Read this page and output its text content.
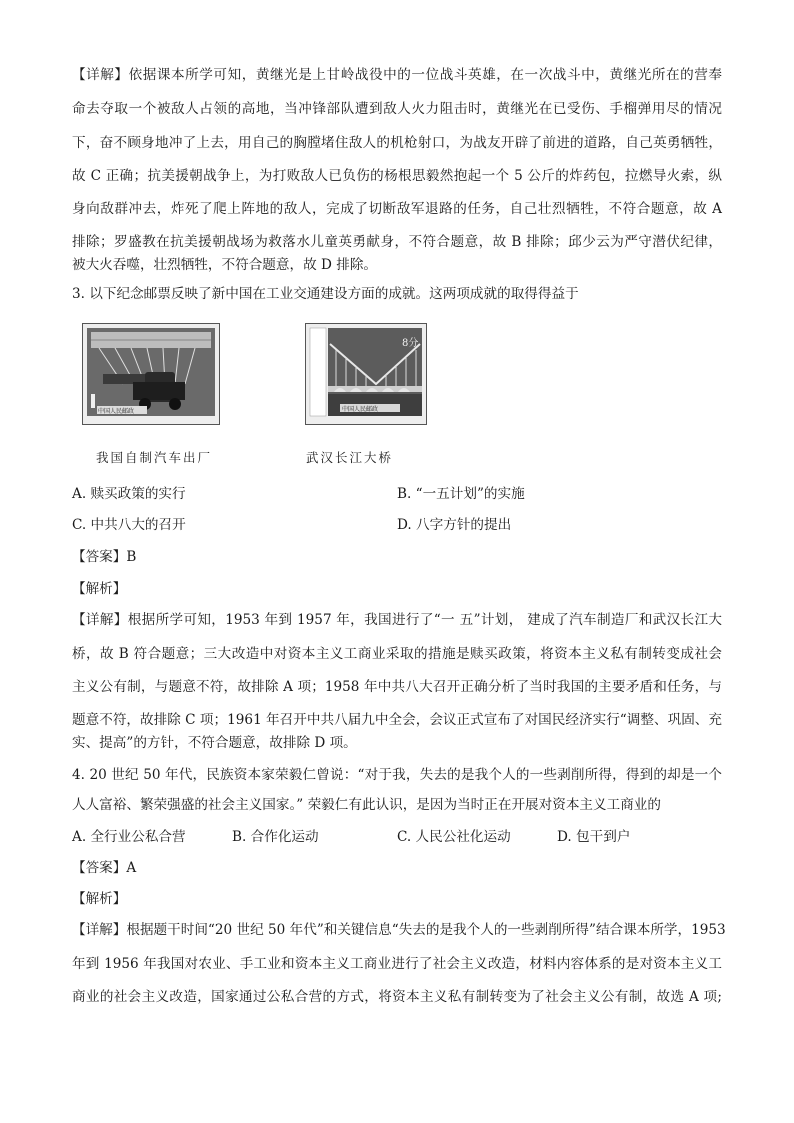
【详解】依据课本所学可知，黄继光是上甘岭战役中的一位战斗英雄，在一次战斗中，黄继光所在的营奉
命去夺取一个被敌人占领的高地，当冲锋部队遭到敌人火力阻击时，黄继光在已受伤、手榴弹用尽的情况
下，奋不顾身地冲了上去，用自己的胸膛堵住敌人的机枪射口，为战友开辟了前进的道路，自己英勇牺牲，
故 C 正确；抗美援朝战争上，为打败敌人已负伤的杨根思毅然抱起一个 5 公斤的炸药包，拉燃导火索，纵
身向敌群冲去，炸死了爬上阵地的敌人，完成了切断敌军退路的任务，自己壮烈牺牲，不符合题意，故 A
排除；罗盛教在抗美援朝战场为救落水儿童英勇献身，不符合题意，故 B 排除；邱少云为严守潜伏纪律，
被大火吞噬，壮烈牺牲，不符合题意，故 D 排除。
3. 以下纪念邮票反映了新中国在工业交通建设方面的成就。这两项成就的取得得益于
中国人民邮政
我国自制汽车出厂
中国人民邮政
8分
武汉长江大桥
A. 赎买政策的实行	B. “一五计划”的实施
C. 中共八大的召开	D. 八字方针的提出
【答案】B
【解析】
【详解】根据所学可知，1953 年到 1957 年，我国进行了“一 五”计划， 建成了汽车制造厂和武汉长江大
桥，故 B 符合题意；三大改造中对资本主义工商业采取的措施是赎买政策，将资本主义私有制转变成社会
主义公有制，与题意不符，故排除 A 项；1958 年中共八大召开正确分析了当时我国的主要矛盾和任务，与
题意不符，故排除 C 项；1961 年召开中共八届九中全会，会议正式宣布了对国民经济实行“调整、巩固、充
实、提高”的方针，不符合题意，故排除 D 项。
4. 20 世纪 50 年代，民族资本家荣毅仁曾说：“对于我，失去的是我个人的一些剥削所得，得到的却是一个
人人富裕、繁荣强盛的社会主义国家。” 荣毅仁有此认识，是因为当时正在开展对资本主义工商业的
A. 全行业公私合营	B. 合作化运动	C. 人民公社化运动	D. 包干到户
【答案】A
【解析】
【详解】根据题干时间“20 世纪 50 年代”和关键信息“失去的是我个人的一些剥削所得”结合课本所学，1953
年到 1956 年我国对农业、手工业和资本主义工商业进行了社会主义改造，材料内容体系的是对资本主义工
商业的社会主义改造，国家通过公私合营的方式，将资本主义私有制转变为了社会主义公有制，故选 A 项;
